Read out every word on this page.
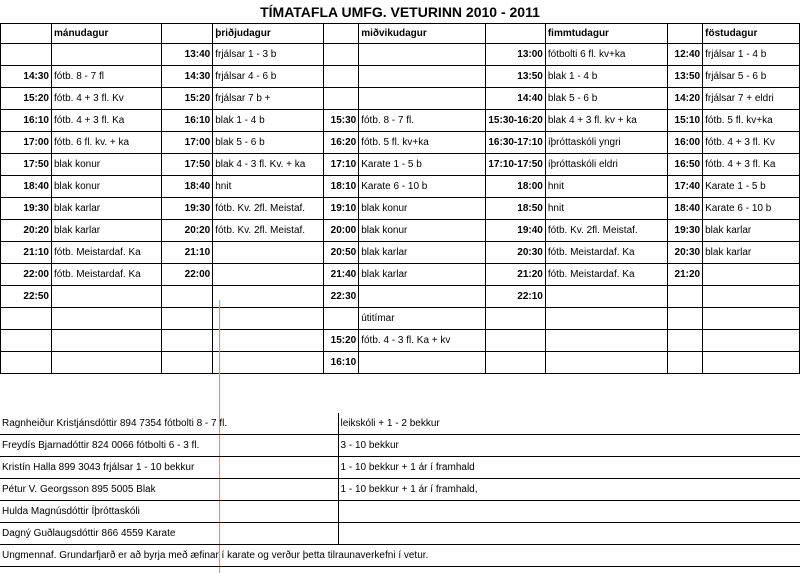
TÍMATAFLA UMFG. VETURINN 2010 - 2011
	mánudagur		þriðjudagur		miðvikudagur		fimmtudagur		föstudagur
		13:40	frjálsar 1 - 3 b			13:00	fótbolti 6 fl. kv+ka	12:40	frjálsar 1 - 4 b
14:30	fótb. 8 - 7 fl	14:30	frjálsar 4 - 6 b			13:50	blak 1 - 4 b	13:50	frjálsar 5 - 6 b
15:20	fótb. 4 + 3 fl. Kv	15:20	frjálsar 7 b +			14:40	blak 5 - 6 b	14:20	frjálsar 7 + eldri
16:10	fótb. 4 + 3 fl. Ka	16:10	blak 1 - 4 b	15:30	fótb. 8 - 7 fl.	15:30-16:20	blak 4 + 3 fl. kv + ka	15:10	fótb. 5 fl. kv+ka
17:00	fótb. 6 fl. kv. + ka	17:00	blak 5 - 6 b	16:20	fótb. 5 fl. kv+ka	16:30-17:10	íþróttaskóli yngri	16:00	fótb. 4 + 3 fl. Kv
17:50	blak konur	17:50	blak 4 - 3 fl. Kv. + ka	17:10	Karate 1 - 5 b	17:10-17:50	íþróttaskóli eldri	16:50	fótb. 4 + 3 fl. Ka
18:40	blak konur	18:40	hnit	18:10	Karate 6 - 10 b	18:00	hnit	17:40	Karate 1 - 5 b
19:30	blak karlar	19:30	fótb. Kv. 2fl. Meistaf.	19:10	blak konur	18:50	hnit	18:40	Karate 6 - 10 b
20:20	blak karlar	20:20	fótb. Kv. 2fl. Meistaf.	20:00	blak konur	19:40	fótb. Kv. 2fl. Meistaf.	19:30	blak karlar
21:10	fótb. Meistardaf. Ka	21:10		20:50	blak karlar	20:30	fótb. Meistardaf. Ka	20:30	blak karlar
22:00	fótb. Meistardaf. Ka	22:00		21:40	blak karlar	21:20	fótb. Meistardaf. Ka	21:20	
22:50				22:30		22:10			
					útitímar				
				15:20	fótb. 4 - 3 fl. Ka + kv				
				16:10					

Ragnheiður Kristjánsdóttir 894 7354 fótbolti 8 - 7 fl.	leikskóli + 1 - 2 bekkur
Freydís Bjarnadóttir 824 0066 fótbolti 6 - 3 fl.	3 - 10 bekkur
Kristín Halla 899 3043 frjálsar 1 - 10 bekkur	1 - 10 bekkur + 1 ár í framhald
Pétur V. Georgsson 895 5005 Blak	1 - 10 bekkur + 1 ár í framhald,
Hulda Magnúsdóttir Íþróttaskóli	
Dagný Guðlaugsdóttir 866 4559 Karate	
Ungmennaf. Grundarfjarð er að byrja með æfinar í karate og verður þetta tilraunaverkefni í vetur.	
